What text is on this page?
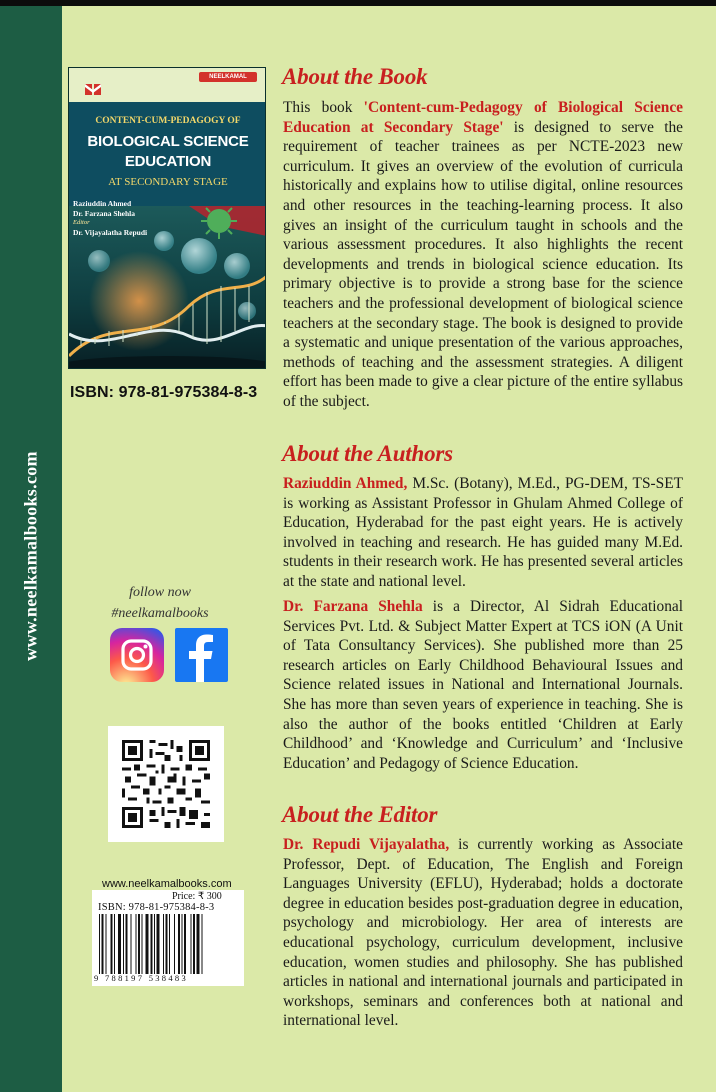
www.neelkamalbooks.com
NEELKAMAL
CONTENT-CUM-PEDAGOGY OF
BIOLOGICAL SCIENCE
EDUCATION
AT SECONDARY STAGE
Raziuddin Ahmed
Dr. Farzana Shehla
Editor
Dr. Vijayalatha Repudi
ISBN: 978-81-975384-8-3
follow now
#neelkamalbooks
www.neelkamalbooks.com
Price: ₹ 300
ISBN: 978-81-975384-8-3
9 788197 538483
About the Book
This book 'Content-cum-Pedagogy of Biological Science Education at Secondary Stage' is designed to serve the requirement of teacher trainees as per NCTE-2023 new curriculum. It gives an overview of the evolution of curricula historically and explains how to utilise digital, online resources and other resources in the teaching-learning process. It also gives an insight of the curriculum taught in schools and the various assessment procedures. It also highlights the recent developments and trends in biological science education. Its primary objective is to provide a strong base for the science teachers and the professional development of biological science teachers at the secondary stage. The book is designed to provide a systematic and unique presentation of the various approaches, methods of teaching and the assessment strategies. A diligent effort has been made to give a clear picture of the entire syllabus of the subject.
About the Authors
Raziuddin Ahmed, M.Sc. (Botany), M.Ed., PG-DEM, TS-SET is working as Assistant Professor in Ghulam Ahmed College of Education, Hyderabad for the past eight years. He is actively involved in teaching and research. He has guided many M.Ed. students in their research work. He has presented several articles at the state and national level.
Dr. Farzana Shehla is a Director, Al Sidrah Educational Services Pvt. Ltd. & Subject Matter Expert at TCS iON (A Unit of Tata Consultancy Services). She published more than 25 research articles on Early Childhood Behavioural Issues and Science related issues in National and International Journals. She has more than seven years of experience in teaching. She is also the author of the books entitled ‘Children at Early Childhood’ and ‘Knowledge and Curriculum’ and ‘Inclusive Education’ and Pedagogy of Science Education.
About the Editor
Dr. Repudi Vijayalatha, is currently working as Associate Professor, Dept. of Education, The English and Foreign Languages University (EFLU), Hyderabad; holds a doctorate degree in education besides post-graduation degree in education, psychology and microbiology. Her area of interests are educational psychology, curriculum development, inclusive education, women studies and philosophy. She has published articles in national and international journals and participated in workshops, seminars and conferences both at national and international level.
